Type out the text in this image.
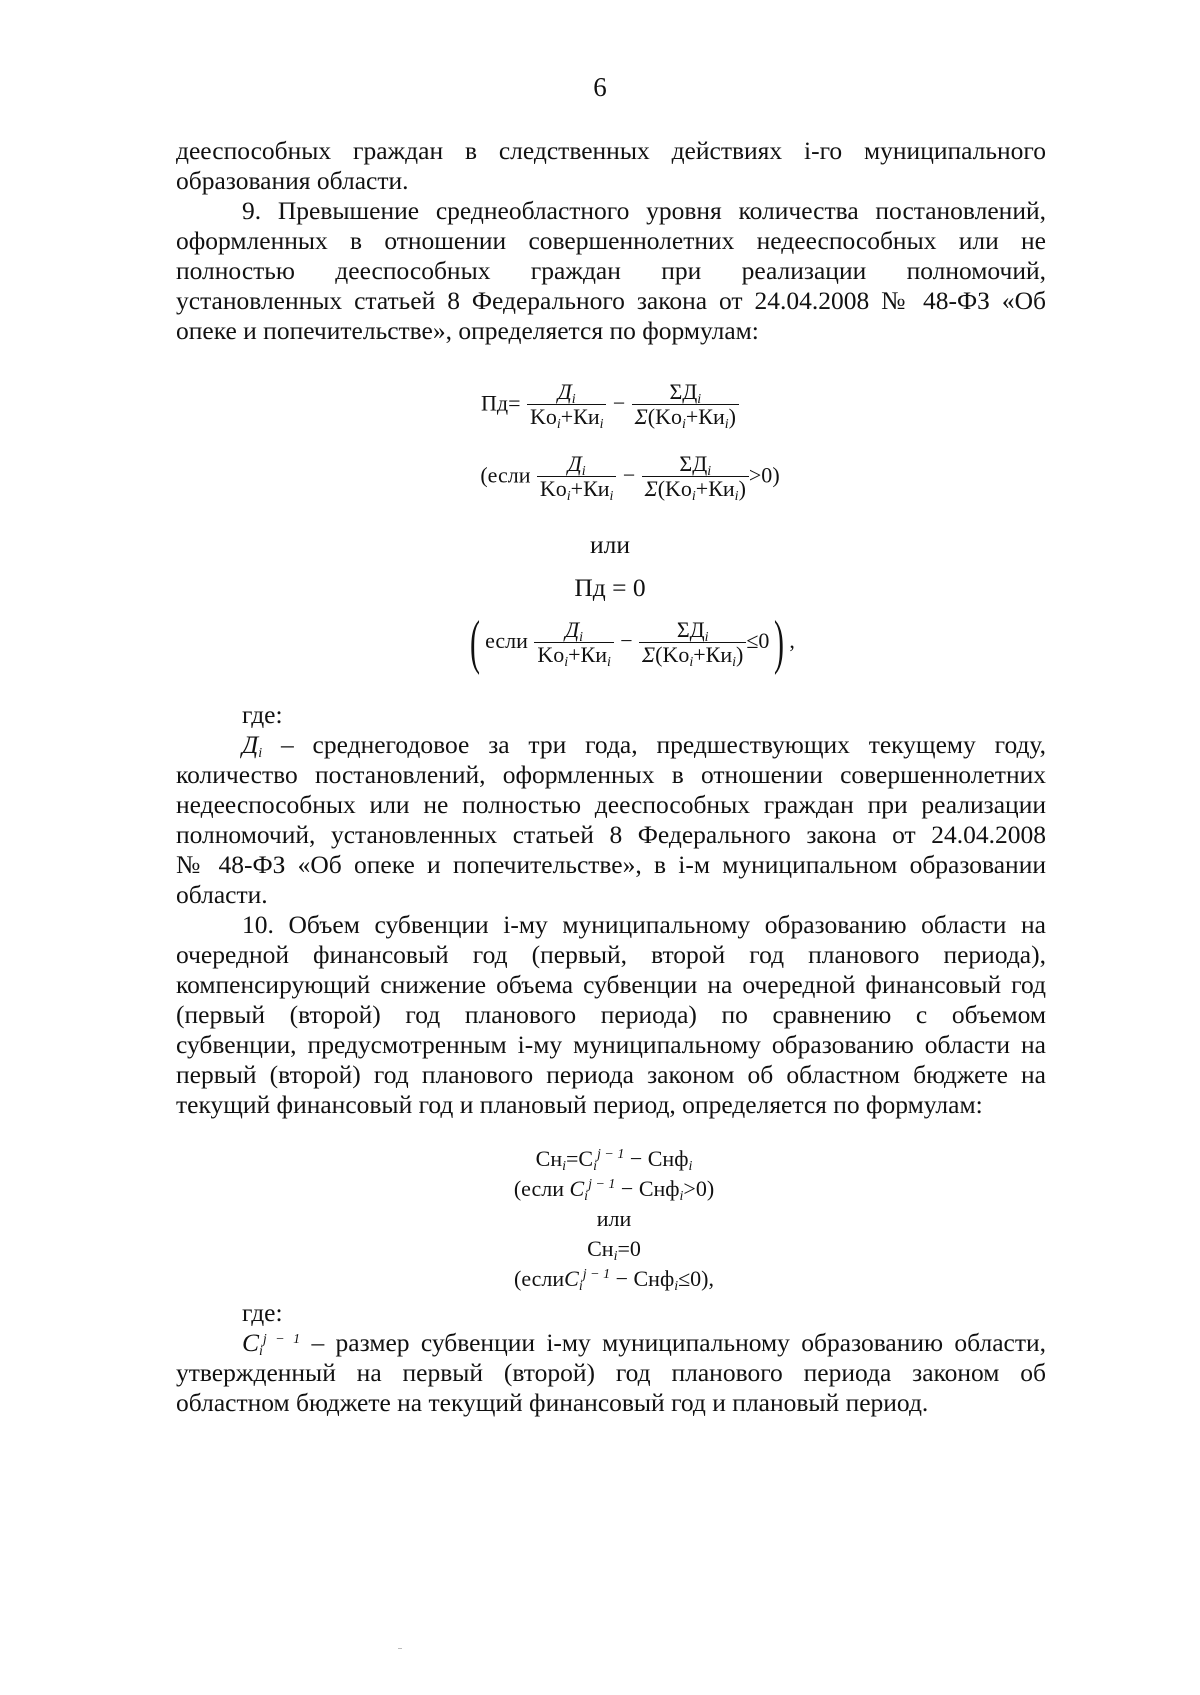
6
дееспособных граждан в следственных действиях i-го муниципального
образования области.
9. Превышение среднеобластного уровня количества постановлений,
оформленных в отношении совершеннолетних недееспособных или не
полностью дееспособных граждан при реализации полномочий,
установленных статьей 8 Федерального закона от 24.04.2008 № 48-ФЗ «Об
опеке и попечительстве», определяется по формулам:
$Пд= \frac{Д_i}{Ko_i+Ки_i} - \frac{\Sigma Д_i}{\Sigma(Ko_i+Ки_i)}$
(если $\frac{Д_i}{Ko_i+Ки_i} - \frac{\Sigma Д_i}{\Sigma(Ko_i+Ки_i)} >0$)
или
Пд = 0
( если $\frac{Д_i}{Ko_i+Ки_i} - \frac{\Sigma Д_i}{\Sigma(Ko_i+Ки_i)} \le 0$) ,
где:
$Д_i$ – среднегодовое за три года, предшествующих текущему году,
количество постановлений, оформленных в отношении совершеннолетних
недееспособных или не полностью дееспособных граждан при реализации
полномочий, установленных статьей 8 Федерального закона от 24.04.2008
№ 48-ФЗ «Об опеке и попечительстве», в i-м муниципальном образовании
области.
10. Объем субвенции i-му муниципальному образованию области на
очередной финансовый год (первый, второй год планового периода),
компенсирующий снижение объема субвенции на очередной финансовый год
(первый (второй) год планового периода) по сравнению с объемом
субвенции, предусмотренным i-му муниципальному образованию области на
первый (второй) год планового периода законом об областном бюджете на
текущий финансовый год и плановый период, определяется по формулам:
$Сн_i=C_i^{j - 1} - Снф_i$
(если $C_i^{j - 1} - Снф_i>0$)
или
$Сн_i=0$
(еслиC$_i^{j - 1}$ − Снф$_i$≤0),
где:
$C_i^{j - 1}$ – размер субвенции i-му муниципальному образованию области,
утвержденный на первый (второй) год планового периода законом об
областном бюджете на текущий финансовый год и плановый период.
